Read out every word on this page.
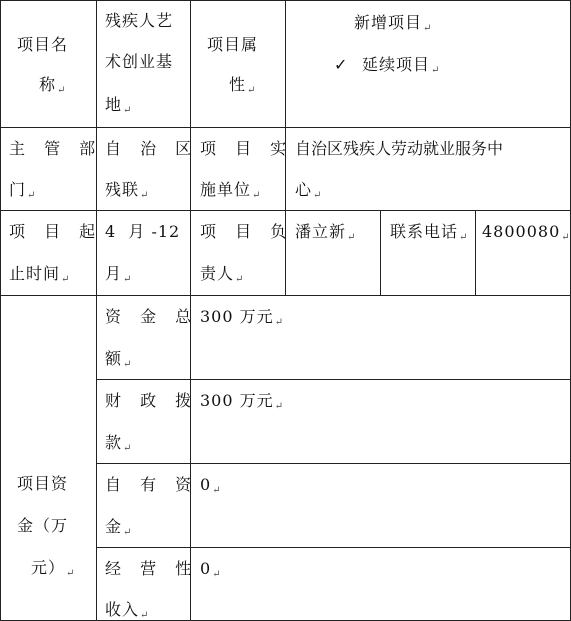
项目名
称↵
残疾人艺
术创业基
地↵
项目属
性↵
新增项目↵
✓ 延续项目↵
主 管 部
门↵
自 治 区
残联↵
项 目 实
施单位↵
自治区残疾人劳动就业服务中
心↵
项 目 起
止时间↵
4  月 -12
月↵
项 目 负
责人↵
潘立新↵ 联系电话↵ 4800080↵
项目资
金（万
元）↵
资 金 总
额↵
300 万元↵
财 政 拨
款↵
300 万元↵
自 有 资
金↵
0↵
经 营 性
收入↵
0↵
